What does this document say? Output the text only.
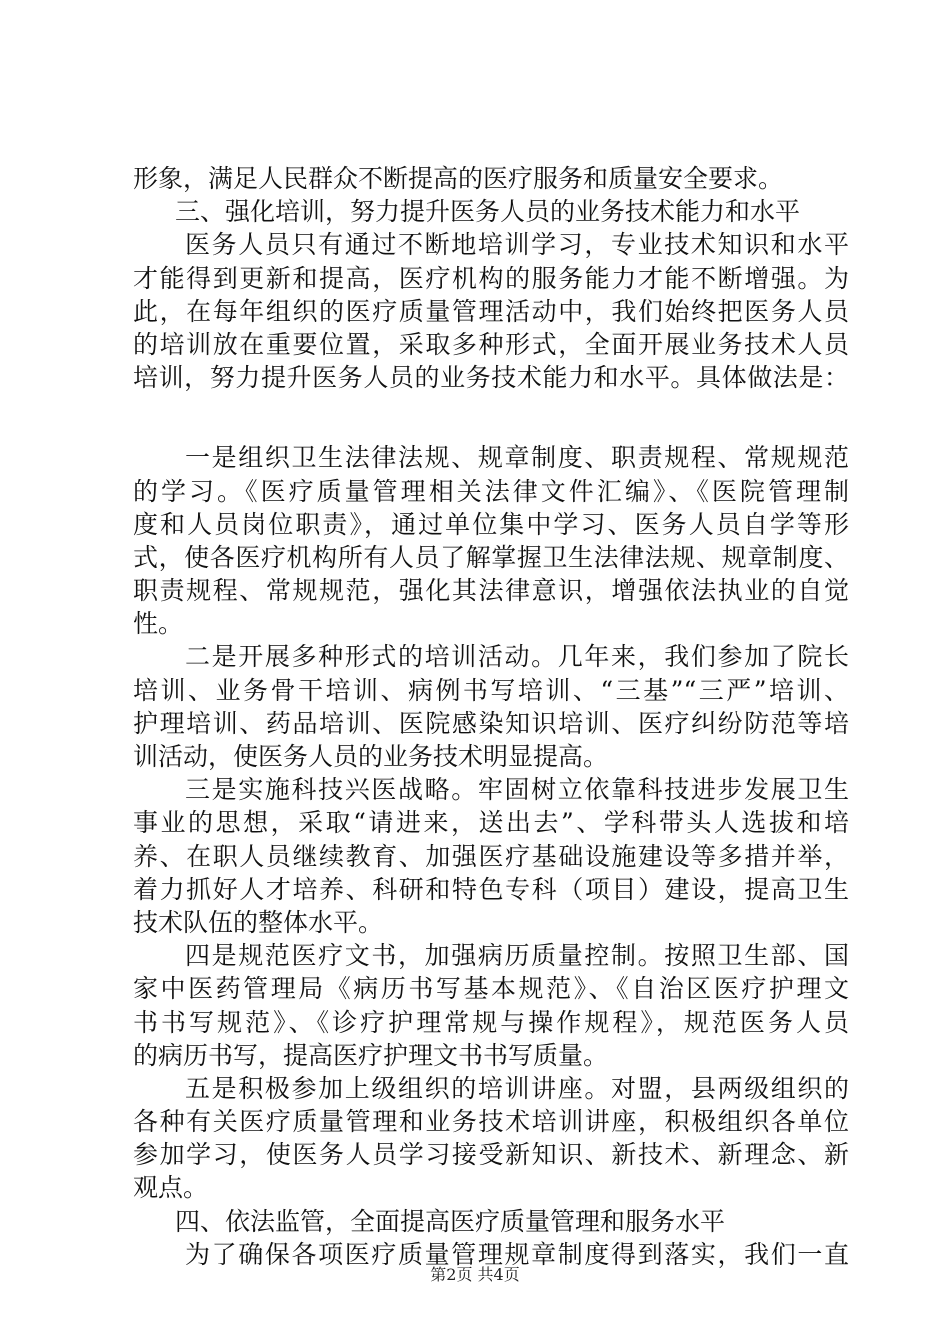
形象，满足人民群众不断提高的医疗服务和质量安全要求。
三、强化培训，努力提升医务人员的业务技术能力和水平
医务人员只有通过不断地培训学习，专业技术知识和水平
才能得到更新和提高，医疗机构的服务能力才能不断增强。为
此，在每年组织的医疗质量管理活动中，我们始终把医务人员
的培训放在重要位置，采取多种形式，全面开展业务技术人员
培训，努力提升医务人员的业务技术能力和水平。具体做法是：
一是组织卫生法律法规、规章制度、职责规程、常规规范
的学习。《医疗质量管理相关法律文件汇编》、《医院管理制
度和人员岗位职责》，通过单位集中学习、医务人员自学等形
式，使各医疗机构所有人员了解掌握卫生法律法规、规章制度、
职责规程、常规规范，强化其法律意识，增强依法执业的自觉
性。
二是开展多种形式的培训活动。几年来，我们参加了院长
培训、业务骨干培训、病例书写培训、“三基”“三严”培训、
护理培训、药品培训、医院感染知识培训、医疗纠纷防范等培
训活动，使医务人员的业务技术明显提高。
三是实施科技兴医战略。牢固树立依靠科技进步发展卫生
事业的思想，采取“请进来，送出去”、学科带头人选拔和培
养、在职人员继续教育、加强医疗基础设施建设等多措并举，
着力抓好人才培养、科研和特色专科（项目）建设，提高卫生
技术队伍的整体水平。
四是规范医疗文书，加强病历质量控制。按照卫生部、国
家中医药管理局《病历书写基本规范》、《自治区医疗护理文
书书写规范》、《诊疗护理常规与操作规程》，规范医务人员
的病历书写，提高医疗护理文书书写质量。
五是积极参加上级组织的培训讲座。对盟，县两级组织的
各种有关医疗质量管理和业务技术培训讲座，积极组织各单位
参加学习，使医务人员学习接受新知识、新技术、新理念、新
观点。
四、依法监管，全面提高医疗质量管理和服务水平
为了确保各项医疗质量管理规章制度得到落实，我们一直
第2页 共4页
